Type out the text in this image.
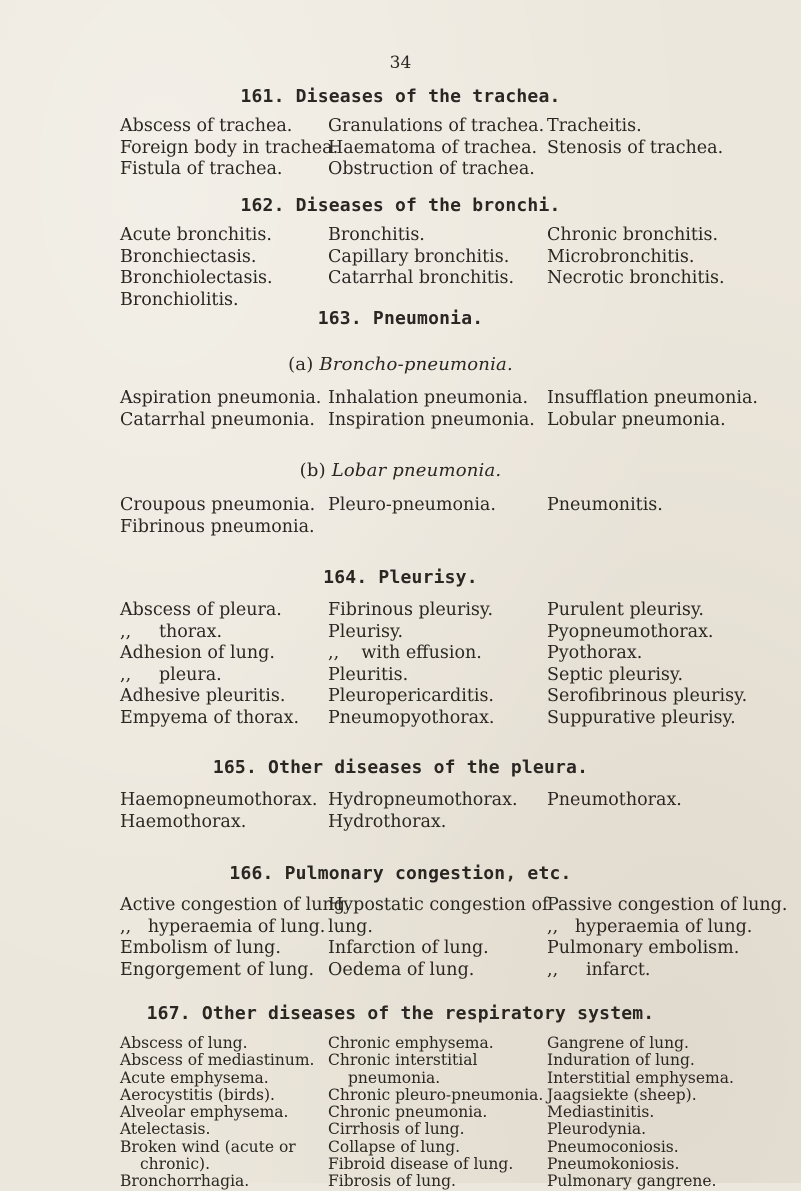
34
161. Diseases of the trachea.
Abscess of trachea.
Foreign body in trachea.
Fistula of trachea.
Granulations of trachea.
Haematoma of trachea.
Obstruction of trachea.
Tracheitis.
Stenosis of trachea.
162. Diseases of the bronchi.
Acute bronchitis.
Bronchiectasis.
Bronchiolectasis.
Bronchiolitis.
Bronchitis.
Capillary bronchitis.
Catarrhal bronchitis.
Chronic bronchitis.
Microbronchitis.
Necrotic bronchitis.
163. Pneumonia.
(a) Broncho-pneumonia.
Aspiration pneumonia.
Catarrhal pneumonia.
Inhalation pneumonia.
Inspiration pneumonia.
Insufflation pneumonia.
Lobular pneumonia.
(b) Lobar pneumonia.
Croupous pneumonia.
Fibrinous pneumonia.
Pleuro-pneumonia.	Pneumonitis.
164. Pleurisy.
Abscess of pleura.
,,     thorax.
Adhesion of lung.
,,     pleura.
Adhesive pleuritis.
Empyema of thorax.
Fibrinous pleurisy.
Pleurisy.
,,    with effusion.
Pleuritis.
Pleuropericarditis.
Pneumopyothorax.
Purulent pleurisy.
Pyopneumothorax.
Pyothorax.
Septic pleurisy.
Serofibrinous pleurisy.
Suppurative pleurisy.
165. Other diseases of the pleura.
Haemopneumothorax.
Haemothorax.
Hydropneumothorax.
Hydrothorax.
Pneumothorax.
166. Pulmonary congestion, etc.
Active congestion of lung.
,,   hyperaemia of lung.
Embolism of lung.
Engorgement of lung.
Hypostatic congestion of
lung.
Infarction of lung.
Oedema of lung.
Passive congestion of lung.
,,   hyperaemia of lung.
Pulmonary embolism.
,,     infarct.
167. Other diseases of the respiratory system.
Abscess of lung.
Abscess of mediastinum.
Acute emphysema.
Aerocystitis (birds).
Alveolar emphysema.
Atelectasis.
Broken wind (acute or
chronic).
Bronchorrhagia.
Chronic emphysema.
Chronic interstitial
pneumonia.
Chronic pleuro-pneumonia.
Chronic pneumonia.
Cirrhosis of lung.
Collapse of lung.
Fibroid disease of lung.
Fibrosis of lung.
Gangrene of lung.
Induration of lung.
Interstitial emphysema.
Jaagsiekte (sheep).
Mediastinitis.
Pleurodynia.
Pneumoconiosis.
Pneumokoniosis.
Pulmonary gangrene.
